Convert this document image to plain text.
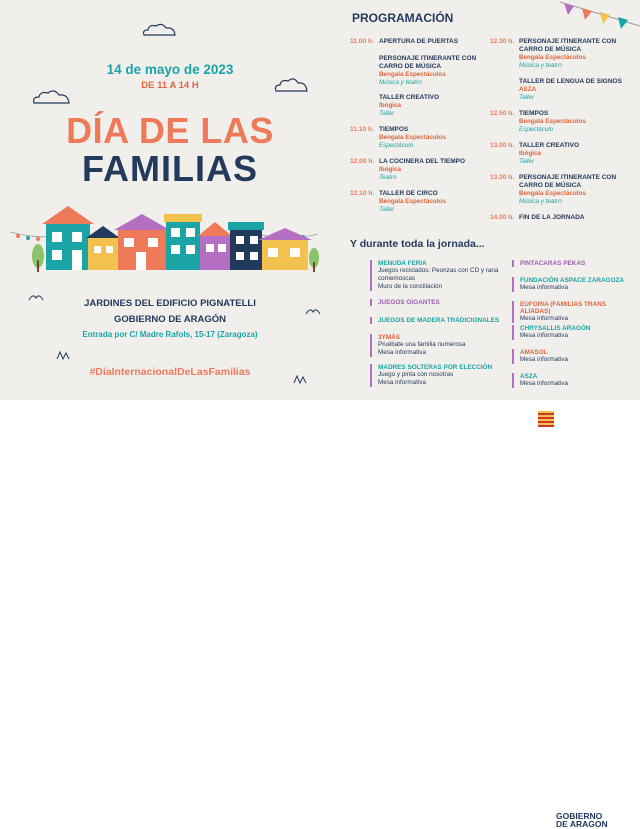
14 de mayo de 2023
DE 11 A 14 H
DÍA DE LAS
FAMILIAS
JARDINES DEL EDIFICIO PIGNATELLI
GOBIERNO DE ARAGÓN
Entrada por C/ Madre Rafols, 15-17 (Zaragoza)
#DíaInternacionalDeLasFamilias
PROGRAMACIÓN
11.00 h. APERTURA DE PUERTAS
PERSONAJE ITINERANTE CON CARRO DE MÚSICA
Bengala Espectáculos
Música y teatro
TALLER CREATIVO
Ibógica
Taller
11.10 h. TIEMPOS
Bengala Espectáculos
Espectáculo
12.00 h. LA COCINERA DEL TIEMPO
Ibógica
Teatro
12.10 h. TALLER DE CIRCO
Bengala Espectáculos
Taller
12.30 h. PERSONAJE ITINERANTE CON CARRO DE MÚSICA
Bengala Espectáculos
Música y teatro
TALLER DE LENGUA DE SIGNOS
ASZA
Taller
12.50 h. TIEMPOS
Bengala Espectáculos
Espectáculo
13.00 h. TALLER CREATIVO
Ibógica
Taller
13.30 h. PERSONAJE ITINERANTE CON CARRO DE MÚSICA
Bengala Espectáculos
Música y teatro
14.00 h. FIN DE LA JORNADA
Y durante toda la jornada...
MENUDA FERIA
Juegos reciclados: Peonzas con CD y rana comemoscas
Muro de la conciliación
JUEGOS GIGANTES
JUEGOS DE MADERA TRADICIONALES
3YMÁS
Pruébate una familia numerosa
Mesa informativa
MADRES SOLTERAS POR ELECCIÓN
Juego y pinta con nosotras
Mesa informativa
PINTACARAS PEKAS
FUNDACIÓN ASPACE ZARAGOZA
Mesa informativa
EUFORIA (FAMILIAS TRANS ALIADAS)
Mesa informativa
CHRYSALLIS ARAGÓN
Mesa informativa
AMASOL
Mesa informativa
ASZA
Mesa informativa
GOBIERNO
DE ARAGON
